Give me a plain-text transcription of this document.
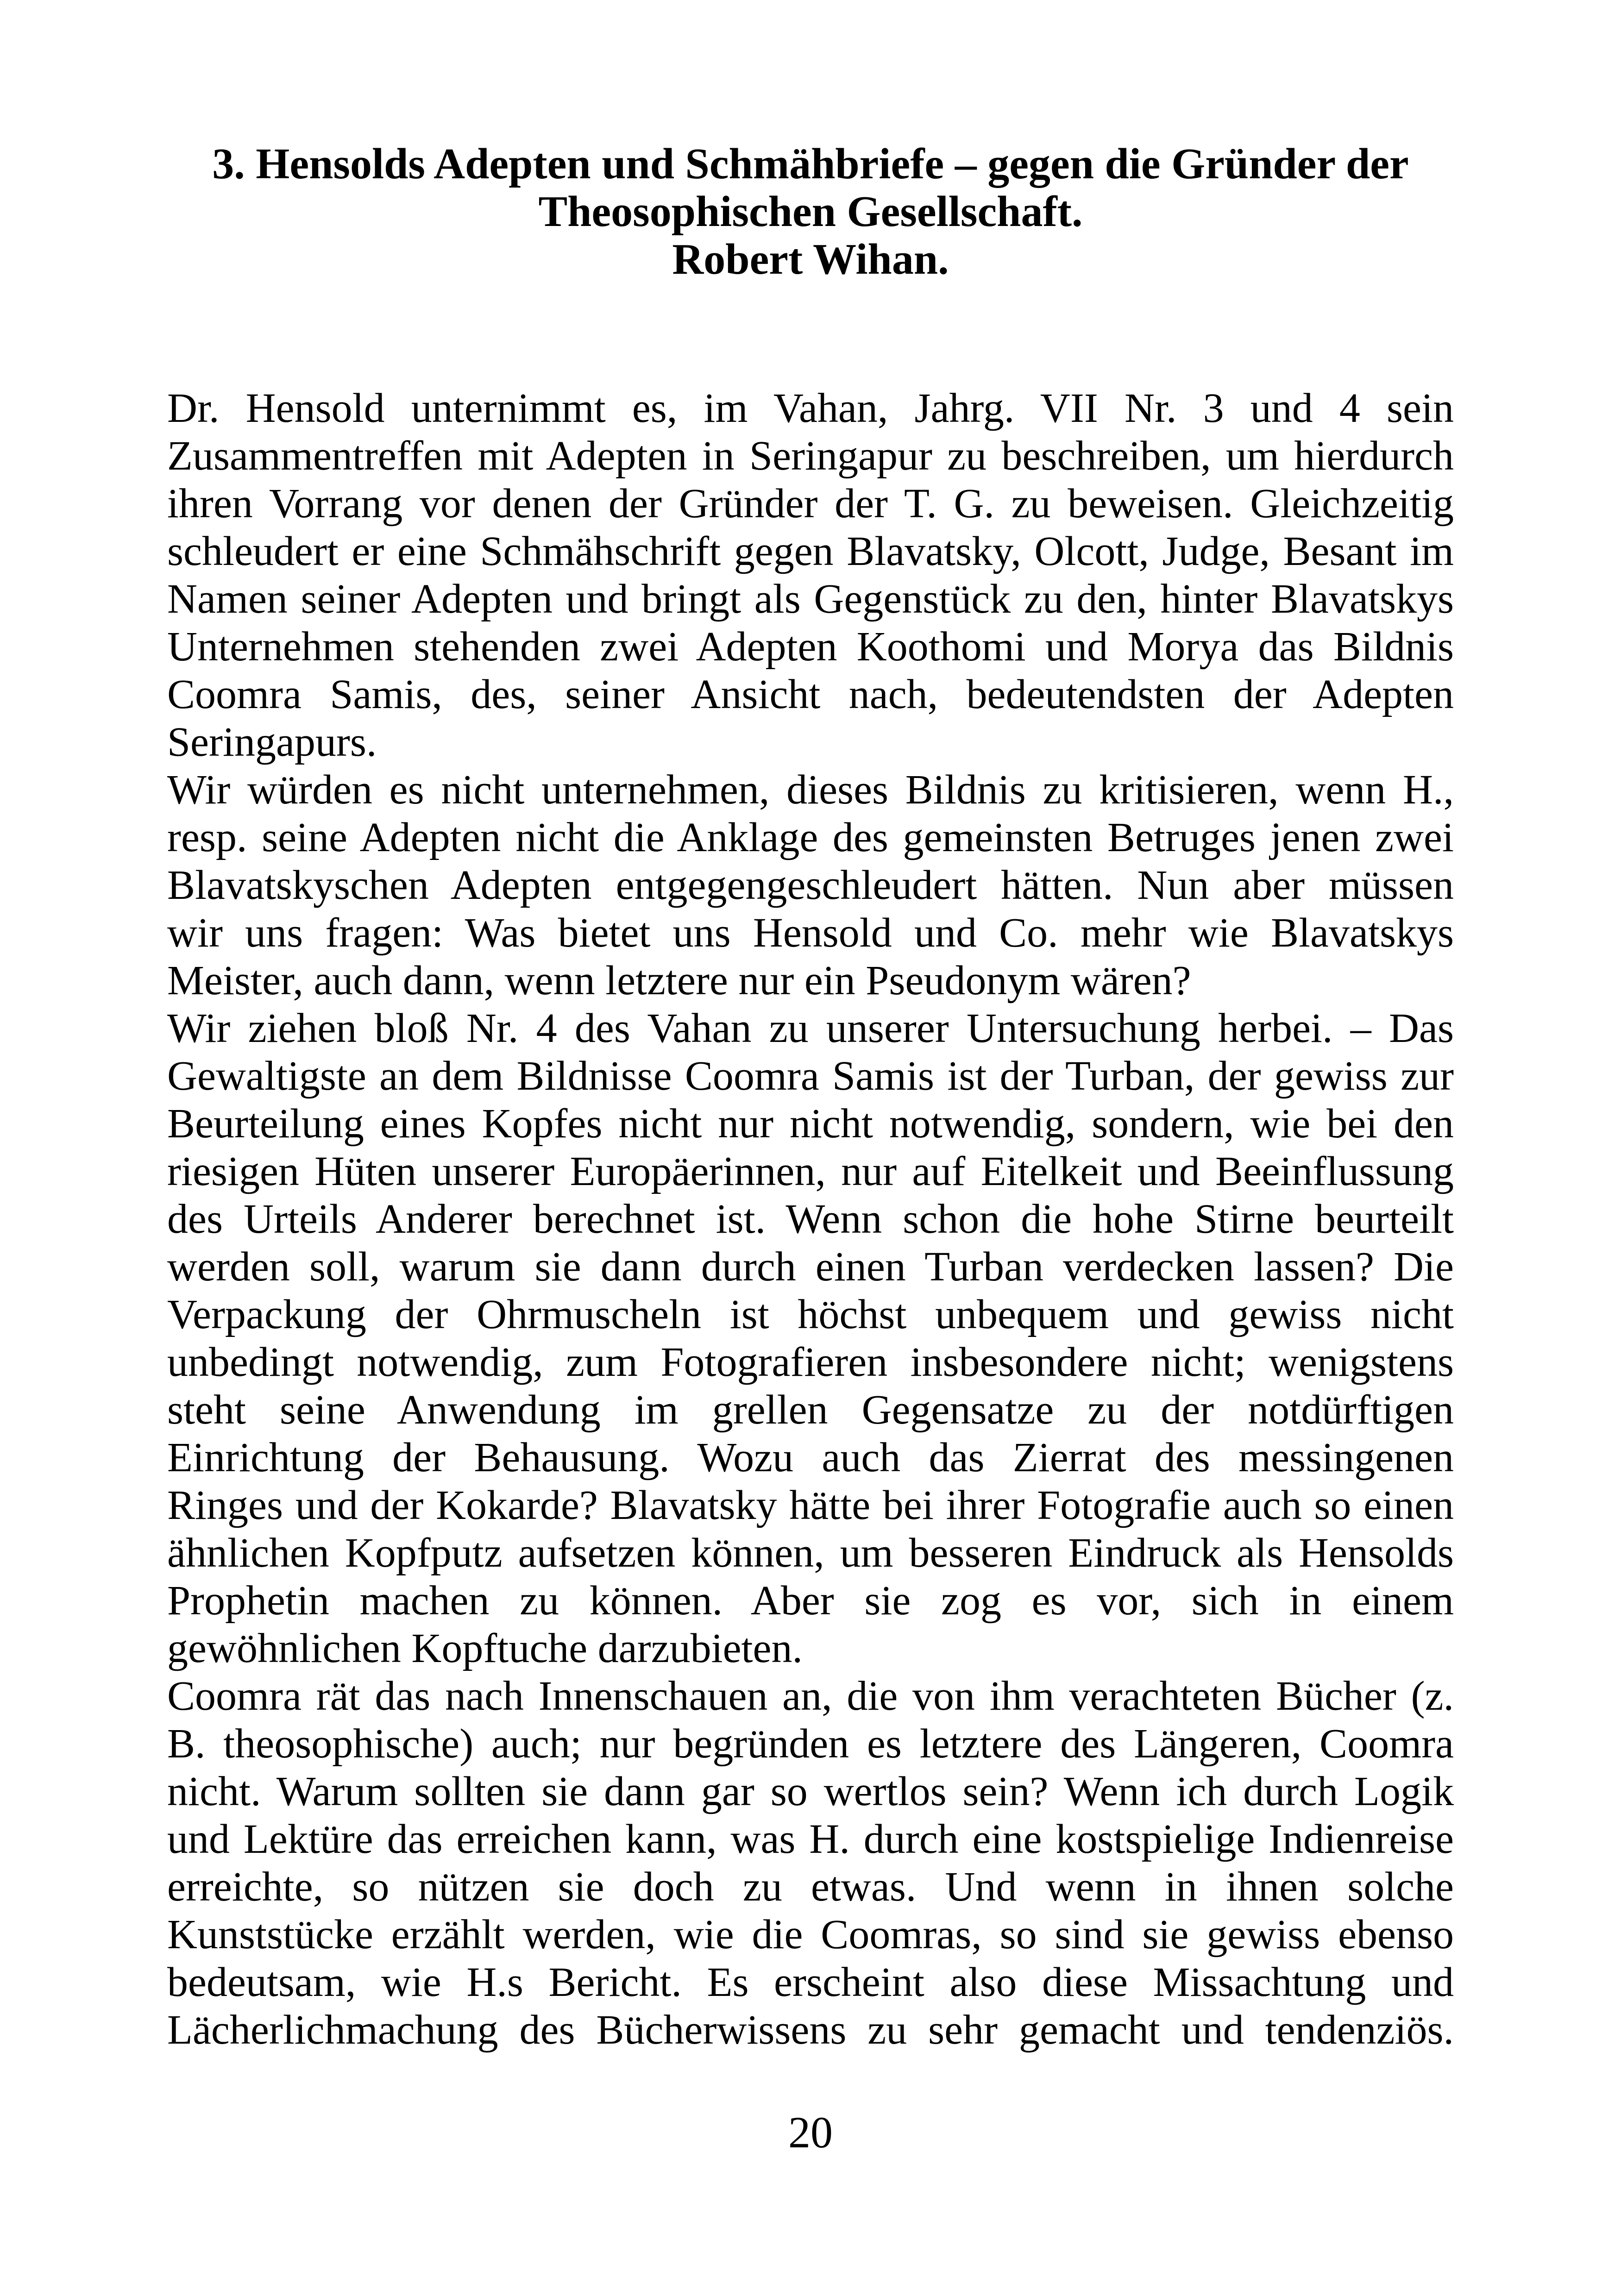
3. Hensolds Adepten und Schmähbriefe – gegen die Gründer der
Theosophischen Gesellschaft.
Robert Wihan.
Dr. Hensold unternimmt es, im Vahan, Jahrg. VII Nr. 3 und 4 sein
Zusammentreffen mit Adepten in Seringapur zu beschreiben, um hierdurch
ihren Vorrang vor denen der Gründer der T. G. zu beweisen. Gleichzeitig
schleudert er eine Schmähschrift gegen Blavatsky, Olcott, Judge, Besant im
Namen seiner Adepten und bringt als Gegenstück zu den, hinter Blavatskys
Unternehmen stehenden zwei Adepten Koothomi und Morya das Bildnis
Coomra Samis, des, seiner Ansicht nach, bedeutendsten der Adepten
Seringapurs.
Wir würden es nicht unternehmen, dieses Bildnis zu kritisieren, wenn H.,
resp. seine Adepten nicht die Anklage des gemeinsten Betruges jenen zwei
Blavatskyschen Adepten entgegengeschleudert hätten. Nun aber müssen
wir uns fragen: Was bietet uns Hensold und Co. mehr wie Blavatskys
Meister, auch dann, wenn letztere nur ein Pseudonym wären?
Wir ziehen bloß Nr. 4 des Vahan zu unserer Untersuchung herbei. – Das
Gewaltigste an dem Bildnisse Coomra Samis ist der Turban, der gewiss zur
Beurteilung eines Kopfes nicht nur nicht notwendig, sondern, wie bei den
riesigen Hüten unserer Europäerinnen, nur auf Eitelkeit und Beeinflussung
des Urteils Anderer berechnet ist. Wenn schon die hohe Stirne beurteilt
werden soll, warum sie dann durch einen Turban verdecken lassen? Die
Verpackung der Ohrmuscheln ist höchst unbequem und gewiss nicht
unbedingt notwendig, zum Fotografieren insbesondere nicht; wenigstens
steht seine Anwendung im grellen Gegensatze zu der notdürftigen
Einrichtung der Behausung. Wozu auch das Zierrat des messingenen
Ringes und der Kokarde? Blavatsky hätte bei ihrer Fotografie auch so einen
ähnlichen Kopfputz aufsetzen können, um besseren Eindruck als Hensolds
Prophetin machen zu können. Aber sie zog es vor, sich in einem
gewöhnlichen Kopftuche darzubieten.
Coomra rät das nach Innenschauen an, die von ihm verachteten Bücher (z.
B. theosophische) auch; nur begründen es letztere des Längeren, Coomra
nicht. Warum sollten sie dann gar so wertlos sein? Wenn ich durch Logik
und Lektüre das erreichen kann, was H. durch eine kostspielige Indienreise
erreichte, so nützen sie doch zu etwas. Und wenn in ihnen solche
Kunststücke erzählt werden, wie die Coomras, so sind sie gewiss ebenso
bedeutsam, wie H.s Bericht. Es erscheint also diese Missachtung und
Lächerlichmachung des Bücherwissens zu sehr gemacht und tendenziös.
20
